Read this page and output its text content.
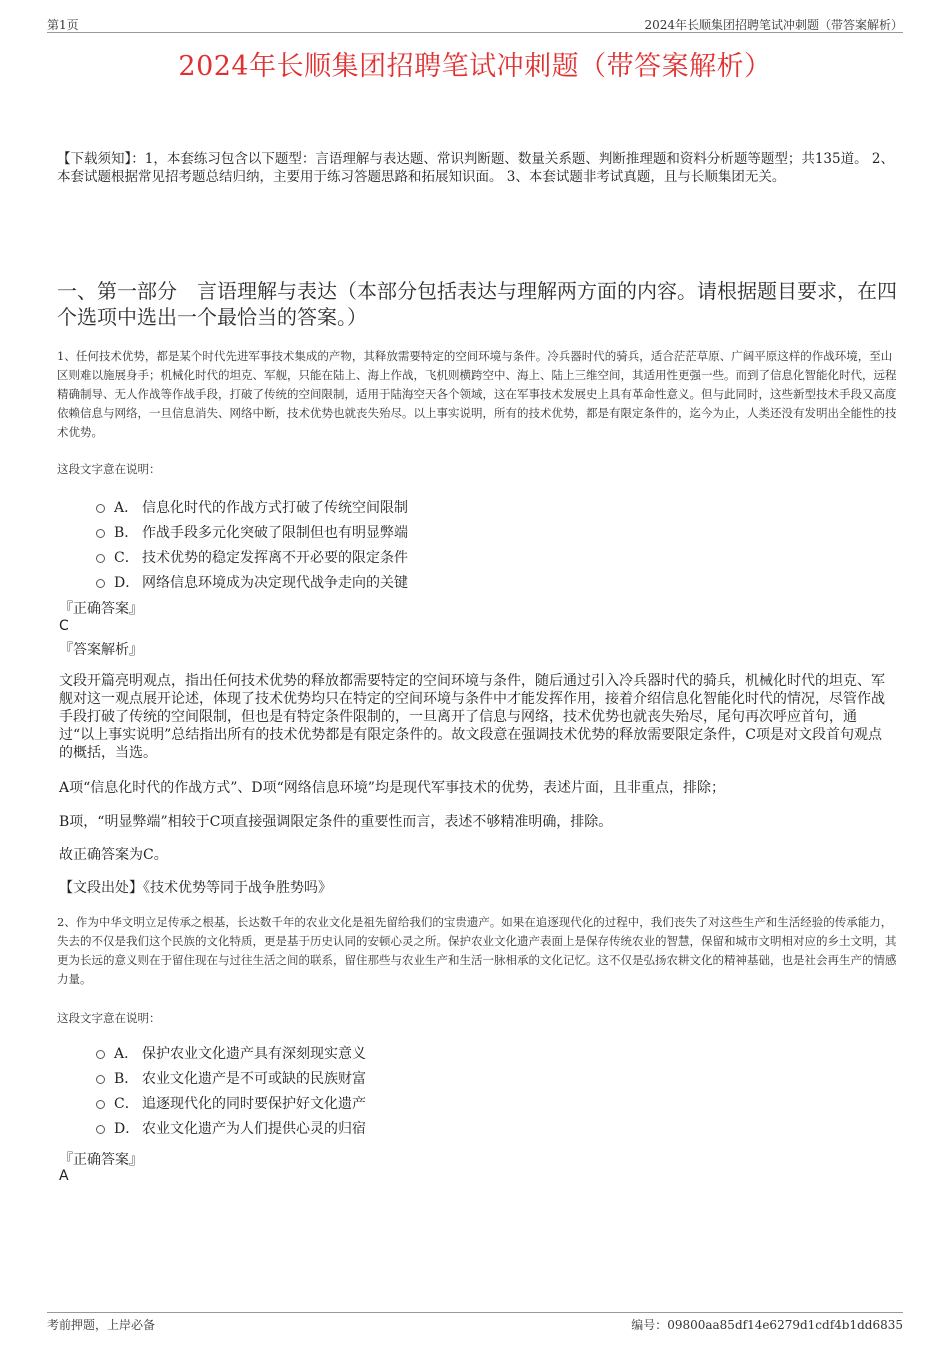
第1页	2024年长顺集团招聘笔试冲刺题（带答案解析）
2024年长顺集团招聘笔试冲刺题（带答案解析）
【下载须知】：1，本套练习包含以下题型：言语理解与表达题、常识判断题、数量关系题、判断推理题和资料分析题等题型；共135道。 2、本套试题根据常见招考题总结归纳，主要用于练习答题思路和拓展知识面。 3、本套试题非考试真题，且与长顺集团无关。
一、第一部分　言语理解与表达（本部分包括表达与理解两方面的内容。请根据题目要求，在四个选项中选出一个最恰当的答案。）
1、任何技术优势，都是某个时代先进军事技术集成的产物，其释放需要特定的空间环境与条件。冷兵器时代的骑兵，适合茫茫草原、广阔平原这样的作战环境，至山区则难以施展身手；机械化时代的坦克、军舰，只能在陆上、海上作战，飞机则横跨空中、海上、陆上三维空间，其适用性更强一些。而到了信息化智能化时代，远程精确制导、无人作战等作战手段，打破了传统的空间限制，适用于陆海空天各个领域，这在军事技术发展史上具有革命性意义。但与此同时，这些新型技术手段又高度依赖信息与网络，一旦信息消失、网络中断，技术优势也就丧失殆尽。以上事实说明，所有的技术优势，都是有限定条件的，迄今为止，人类还没有发明出全能性的技术优势。
这段文字意在说明：
A． 信息化时代的作战方式打破了传统空间限制
B． 作战手段多元化突破了限制但也有明显弊端
C． 技术优势的稳定发挥离不开必要的限定条件
D． 网络信息环境成为决定现代战争走向的关键
『正确答案』
C
『答案解析』
文段开篇亮明观点，指出任何技术优势的释放都需要特定的空间环境与条件，随后通过引入冷兵器时代的骑兵，机械化时代的坦克、军舰对这一观点展开论述，体现了技术优势均只在特定的空间环境与条件中才能发挥作用，接着介绍信息化智能化时代的情况，尽管作战手段打破了传统的空间限制，但也是有特定条件限制的，一旦离开了信息与网络，技术优势也就丧失殆尽，尾句再次呼应首句，通过“以上事实说明”总结指出所有的技术优势都是有限定条件的。故文段意在强调技术优势的释放需要限定条件，C项是对文段首句观点的概括，当选。
A项“信息化时代的作战方式”、D项“网络信息环境”均是现代军事技术的优势，表述片面，且非重点，排除；
B项，“明显弊端”相较于C项直接强调限定条件的重要性而言，表述不够精准明确，排除。
故正确答案为C。
【文段出处】《技术优势等同于战争胜势吗》
2、作为中华文明立足传承之根基，长达数千年的农业文化是祖先留给我们的宝贵遗产。如果在追逐现代化的过程中，我们丧失了对这些生产和生活经验的传承能力，失去的不仅是我们这个民族的文化特质，更是基于历史认同的安顿心灵之所。保护农业文化遗产表面上是保存传统农业的智慧，保留和城市文明相对应的乡土文明，其更为长远的意义则在于留住现在与过往生活之间的联系，留住那些与农业生产和生活一脉相承的文化记忆。这不仅是弘扬农耕文化的精神基础，也是社会再生产的情感力量。
这段文字意在说明：
A． 保护农业文化遗产具有深刻现实意义
B． 农业文化遗产是不可或缺的民族财富
C． 追逐现代化的同时要保护好文化遗产
D． 农业文化遗产为人们提供心灵的归宿
『正确答案』
A
考前押题，上岸必备	编号：09800aa85df14e6279d1cdf4b1dd6835
